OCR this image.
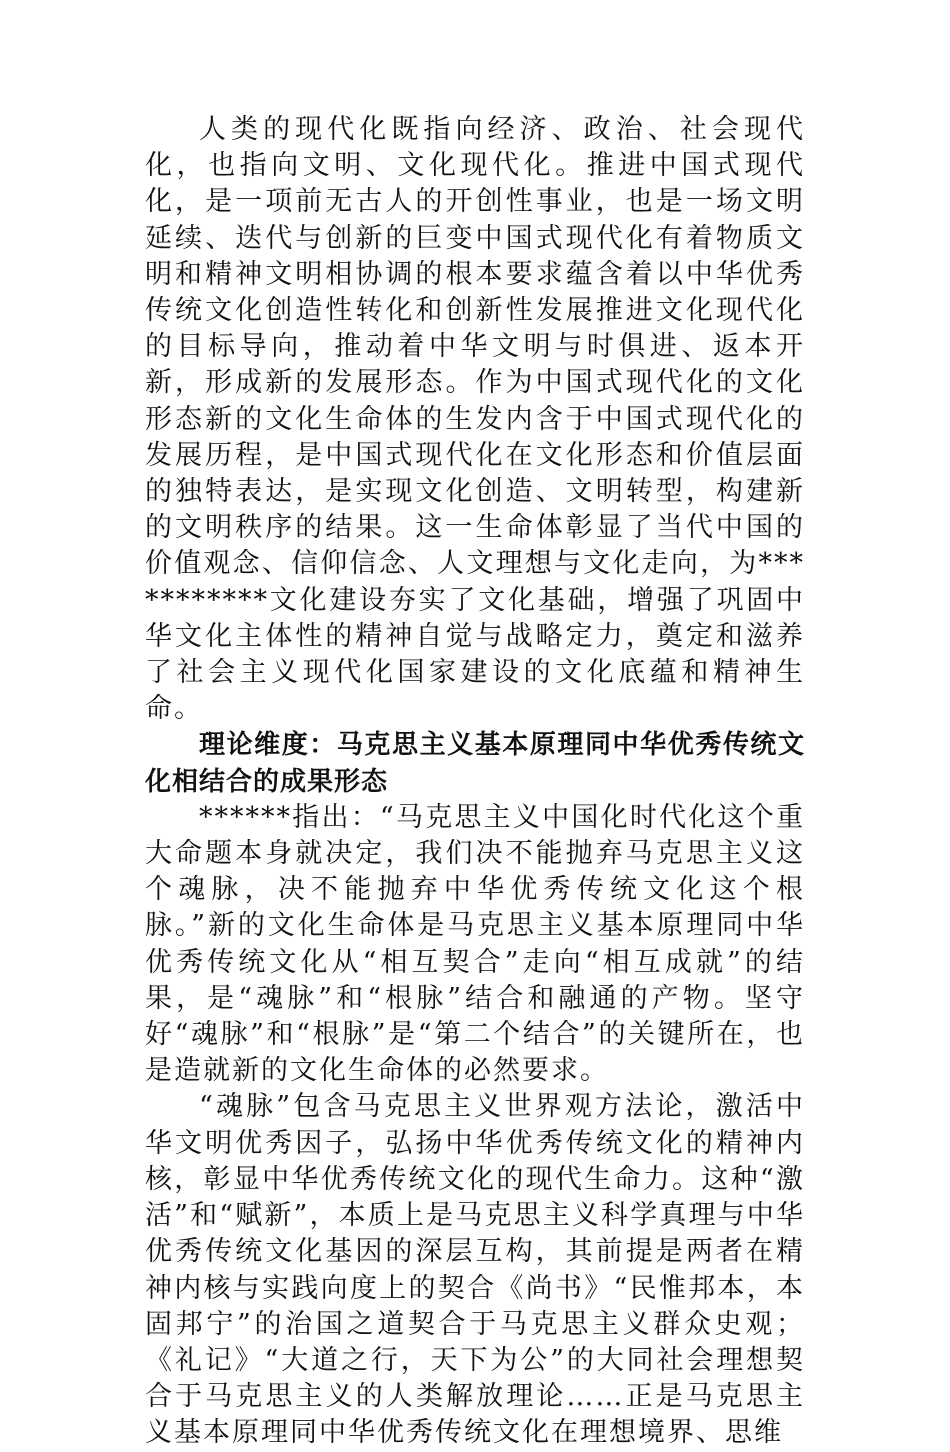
人类的现代化既指向经济、政治、社会现代化，也指向文明、文化现代化。推进中国式现代化，是一项前无古人的开创性事业，也是一场文明延续、迭代与创新的巨变中国式现代化有着物质文明和精神文明相协调的根本要求蕴含着以中华优秀传统文化创造性转化和创新性发展推进文化现代化的目标导向，推动着中华文明与时俱进、返本开新，形成新的发展形态。作为中国式现代化的文化形态新的文化生命体的生发内含于中国式现代化的发展历程，是中国式现代化在文化形态和价值层面的独特表达，是实现文化创造、文明转型，构建新的文明秩序的结果。这一生命体彰显了当代中国的价值观念、信仰信念、人文理想与文化走向，为***********文化建设夯实了文化基础，增强了巩固中华文化主体性的精神自觉与战略定力，奠定和滋养了社会主义现代化国家建设的文化底蕴和精神生命。

理论维度：马克思主义基本原理同中华优秀传统文化相结合的成果形态

******指出：“马克思主义中国化时代化这个重大命题本身就决定，我们决不能抛弃马克思主义这个魂脉，决不能抛弃中华优秀传统文化这个根脉。”新的文化生命体是马克思主义基本原理同中华优秀传统文化从“相互契合”走向“相互成就”的结果，是“魂脉”和“根脉”结合和融通的产物。坚守好“魂脉”和“根脉”是“第二个结合”的关键所在，也是造就新的文化生命体的必然要求。

“魂脉”包含马克思主义世界观方法论，激活中华文明优秀因子，弘扬中华优秀传统文化的精神内核，彰显中华优秀传统文化的现代生命力。这种“激活”和“赋新”，本质上是马克思主义科学真理与中华优秀传统文化基因的深层互构，其前提是两者在精神内核与实践向度上的契合《尚书》“民惟邦本，本固邦宁”的治国之道契合于马克思主义群众史观；《礼记》“大道之行，天下为公”的大同社会理想契合于马克思主义的人类解放理论……正是马克思主义基本原理同中华优秀传统文化在理想境界、思维
